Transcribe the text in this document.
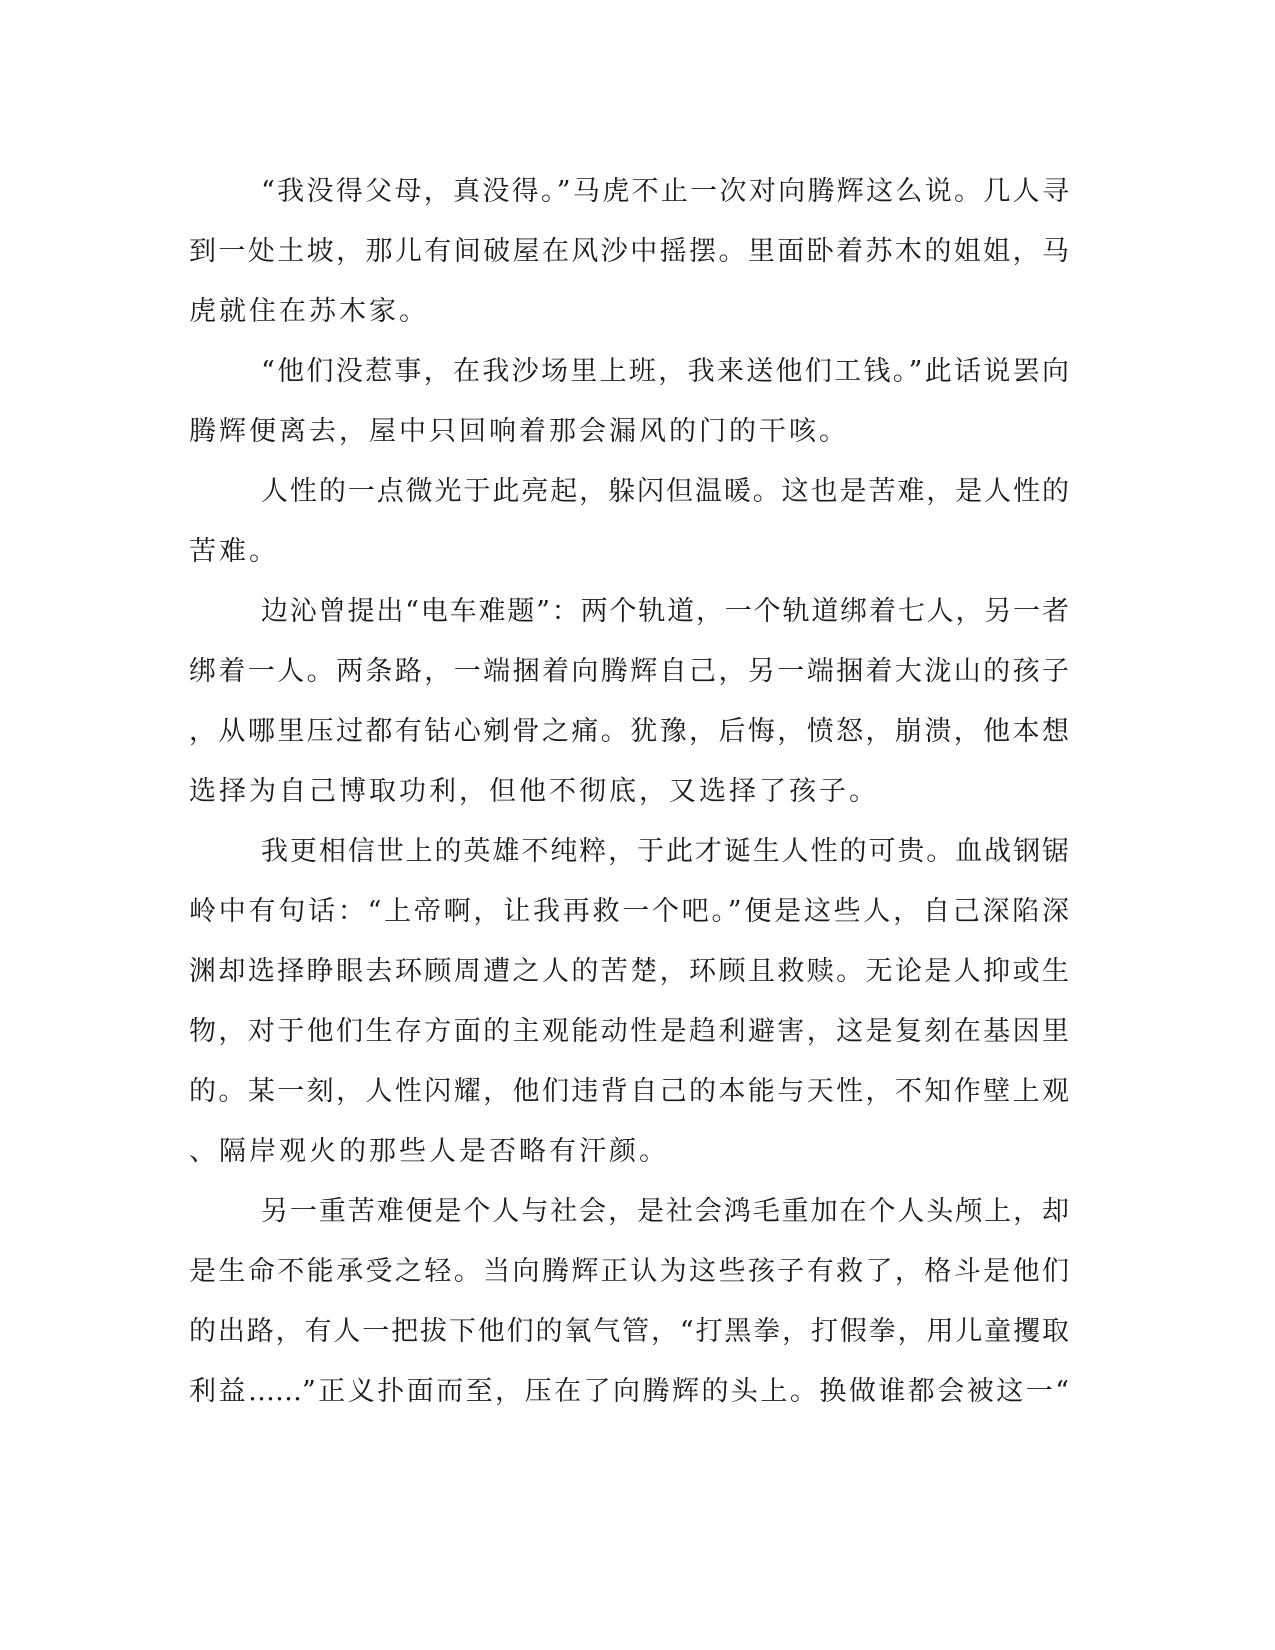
“我没得父母，真没得。”马虎不止一次对向腾辉这么说。几人寻
到一处土坡，那儿有间破屋在风沙中摇摆。里面卧着苏木的姐姐，马
虎就住在苏木家。
“他们没惹事，在我沙场里上班，我来送他们工钱。”此话说罢向
腾辉便离去，屋中只回响着那会漏风的门的干咳。
人性的一点微光于此亮起，躲闪但温暖。这也是苦难，是人性的
苦难。
边沁曾提出“电车难题”：两个轨道，一个轨道绑着七人，另一者
绑着一人。两条路，一端捆着向腾辉自己，另一端捆着大泷山的孩子
，从哪里压过都有钻心剜骨之痛。犹豫，后悔，愤怒，崩溃，他本想
选择为自己博取功利，但他不彻底，又选择了孩子。
我更相信世上的英雄不纯粹，于此才诞生人性的可贵。血战钢锯
岭中有句话：“上帝啊，让我再救一个吧。”便是这些人，自己深陷深
渊却选择睁眼去环顾周遭之人的苦楚，环顾且救赎。无论是人抑或生
物，对于他们生存方面的主观能动性是趋利避害，这是复刻在基因里
的。某一刻，人性闪耀，他们违背自己的本能与天性，不知作壁上观
、隔岸观火的那些人是否略有汗颜。
另一重苦难便是个人与社会，是社会鸿毛重加在个人头颅上，却
是生命不能承受之轻。当向腾辉正认为这些孩子有救了，格斗是他们
的出路，有人一把拔下他们的氧气管，“打黑拳，打假拳，用儿童攫取
利益……”正义扑面而至，压在了向腾辉的头上。换做谁都会被这一“
